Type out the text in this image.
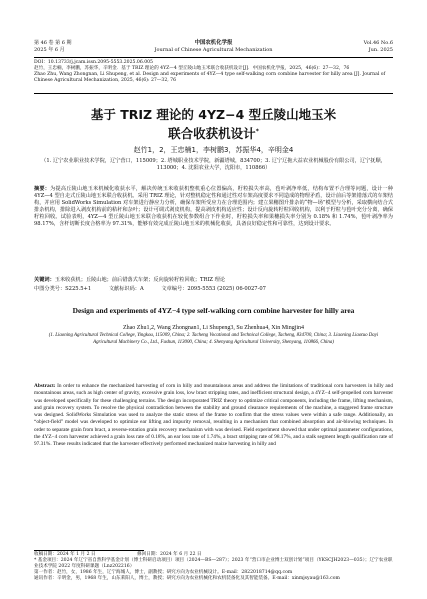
第 46 卷 第 6 期
2025 年 6 月
中国农机化学报
Journal of Chinese Agricultural Mechanization
Vol.46 No.6
Jun. 2025

DOI：10.13733/j.jcam.issn.2095-5553.2025.06.005

赵竹，王忠楠，李树鹏，苏振华，辛明金．基于 TRIZ 理论的 4YZ—4 型丘陵山地玉米联合收获机设计[J]．中国农机化学报，2025，46(6)：27—32，76

Zhao Zhu, Wang Zhongnan, Li Shupeng, et al. Design and experiments of 4YZ—4 type self-walking corn combine harvester for hilly area [J]. Journal of Chinese Agricultural Mechanization, 2025, 46(6): 27—32, 76

基于 TRIZ 理论的 4YZ−4 型丘陵山地玉米
联合收获机设计*
赵竹1，2，王忠楠1，李树鹏3，苏振华4，辛明金4
（1. 辽宁农业职业技术学院，辽宁营口，115009；2. 塔城职业技术学院，新疆塔城，834700；3. 辽宁辽拖大益农业机械股份有限公司，辽宁抚顺，113000；4. 沈阳农业大学，沈阳市，110866）
摘要：为提高丘陵山地玉米机械化收获水平，解决传统玉米收获机整机重心位置偏高，籽粒损失率高，苞叶剥净率低，结构布置不合理等问题，设计一种 4YZ—4 型自走式丘陵山地玉米联合收获机。采用 TRIZ 理论，针对整机稳定性和通过性对车架高度要求不同造成的物理矛盾，设计前后等架错落式的车架结构，并应用 SolidWorks Simulation 对车架进行静应力分析，确保车架所受应力在合理范围内；建立果穗图升排杂的“物—场”模型与分析，采取横向结合式排杂机构，排除进入剥皮机构前的秸秆和杂叶；设计可调式剥皮机构，提高剥皮机构适应性；设计反向旋转籽粒回收机构，以利于籽粒与苞叶充分分离，确保籽粒回收。试验表明，4YZ—4 型丘陵山地玉米联合收获机在较优参数组合下作业时，籽粒损失率和果穗损失率分别为 0.18% 和 1.74%，苞叶剥净率为 98.17%，含杆切断长度合格率为 97.31%，能够有效完成丘陵山地玉米的机械化收获，具备良好稳定性和可靠性，达到设计要求。
关键词：玉米收获机；丘陵山地；前后错落式车架；反向旋转籽粒回收；TRIZ 理论
中图分类号：S225.5+1	文献标识码：A	文章编号：2095-5553 (2025) 06-0027-07
Design and experiments of 4YZ−4 type self-walking corn combine harvester for hilly area
Zhao Zhu1,2, Wang Zhongnan1, Li Shupeng3, Su Zhenhua4, Xin Mingjin4
(1. Liaoning Agricultural Technical College, Yingkou, 115009, China; 2. Tacheng Vocational and Technical College, Tacheng, 834700, China; 3. Liaoning Liaotuo Dayi Agricultural Machinery Co., Ltd., Fushun, 113000, China; 4. Shenyang Agricultural University, Shenyang, 110866, China)
Abstract: In order to enhance the mechanized harvesting of corn in hilly and mountainous areas and address the limitations of traditional corn harvesters in hilly and mountainous areas, such as high center of gravity, excessive grain loss, low bract stripping rates, and inefficient structural design, a 4YZ−4 self-propelled corn harvester was developed specifically for these challenging terrains. The design incorporated TRIZ theory to optimize critical components, including the frame, lifting mechanism, and grain recovery system. To resolve the physical contradiction between the stability and ground clearance requirements of the machine, a staggered frame structure was designed. SolidWorks Simulation was used to analyze the static stress of the frame to confirm that the stress values were within a safe range. Additionally, an “object-field” model was developed to optimize ear lifting and impurity removal, resulting in a mechanism that combined absorption and air-blowing techniques. In order to separate grain from bract, a reverse-rotation grain recovery mechanism with was devised. Field experiment showed that under optimal parameter configurations, the 4YZ−4 corn harvester achieved a grain loss rate of 0.18%, an ear loss rate of 1.74%, a bract stripping rate of 98.17%, and a stalk segment length qualification rate of 97.31%. These results indicated that the harvester effectively performed mechanized maize harvesting in hilly and

收稿日期：2024 年 1 月 2 日	修回日期：2024 年 6 月 22 日

* 基金项目：2024 年辽宁省自然科学基金计划（博士科研启动项目）项目（2024—BS—287）；2023 年“营口市企业博士双创计划”项目（YKSCJH2023—035）；辽宁农业职业技术学院 2022 年度科研课题（Lnz202216）

第一作者：赵竹，女，1986 年生，辽宁海城人，博士，副教授；研究方向为农业机械设计。E-mail：2822018714@qq.com

通讯作者：辛明金，男，1968 年生，山东莱阳人，博士，教授；研究方向为农业机械化和农机装备化及其智能装备。E-mail：xinmjsyau@163.com
